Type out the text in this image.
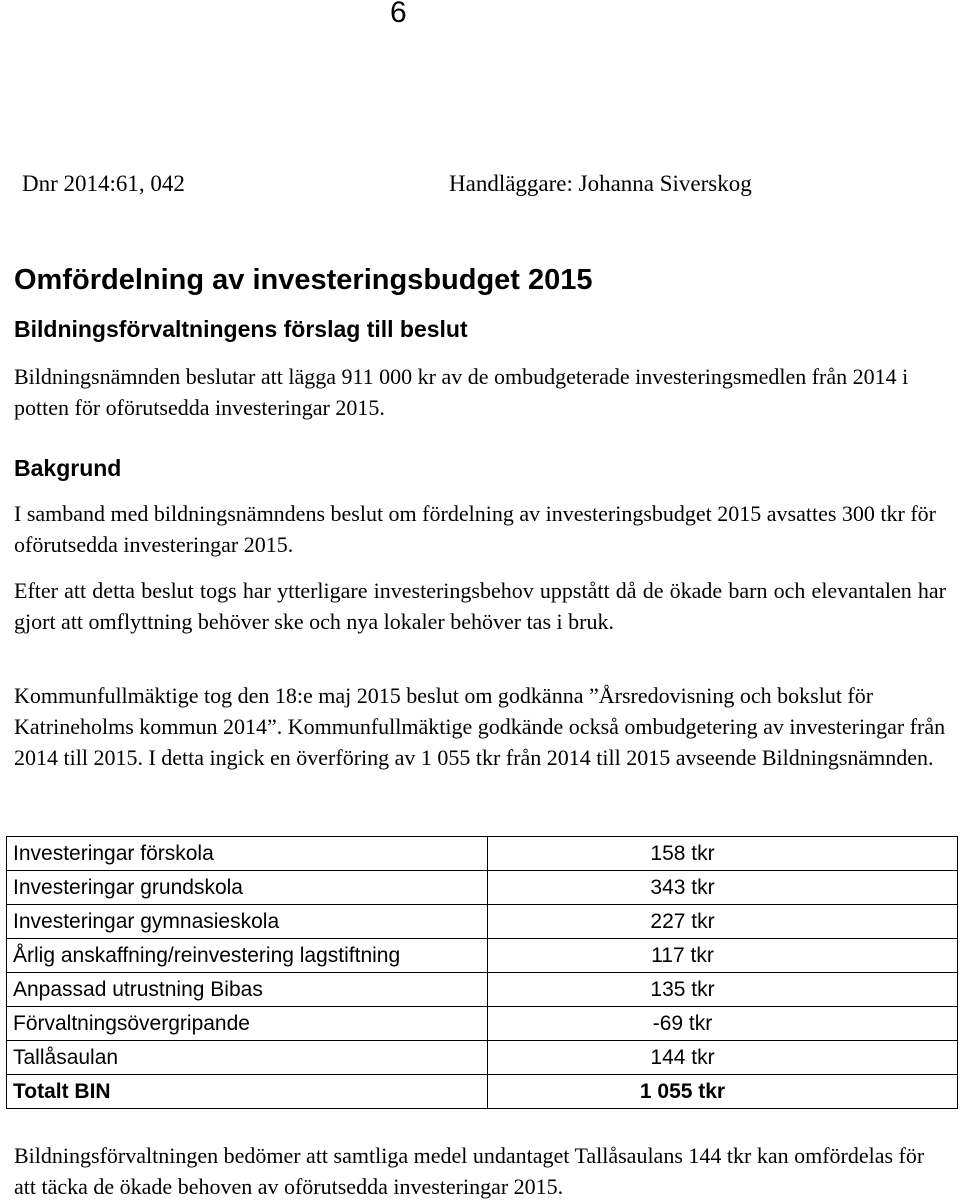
6
Dnr 2014:61, 042	Handläggare: Johanna Siverskog
Omfördelning av investeringsbudget 2015
Bildningsförvaltningens förslag till beslut

Bildningsnämnden beslutar att lägga 911 000 kr av de ombudgeterade investeringsmedlen från 2014 i potten för oförutsedda investeringar 2015.

Bakgrund

I samband med bildningsnämndens beslut om fördelning av investeringsbudget 2015 avsattes 300 tkr för oförutsedda investeringar 2015.

Efter att detta beslut togs har ytterligare investeringsbehov uppstått då de ökade barn och elevantalen har gjort att omflyttning behöver ske och nya lokaler behöver tas i bruk.

Kommunfullmäktige tog den 18:e maj 2015 beslut om godkänna ”Årsredovisning och bokslut för Katrineholms kommun 2014”. Kommunfullmäktige godkände också ombudgetering av investeringar från 2014 till 2015. I detta ingick en överföring av 1 055 tkr från 2014 till 2015 avseende Bildningsnämnden.

Investeringar förskola	158 tkr
Investeringar grundskola	343 tkr
Investeringar gymnasieskola	227 tkr
Årlig anskaffning/reinvestering lagstiftning	117 tkr
Anpassad utrustning Bibas	135 tkr
Förvaltningsövergripande	-69 tkr
Tallåsaulan	144 tkr
Totalt BIN	1 055 tkr

Bildningsförvaltningen bedömer att samtliga medel undantaget Tallåsaulans 144 tkr kan omfördelas för att täcka de ökade behoven av oförutsedda investeringar 2015.
